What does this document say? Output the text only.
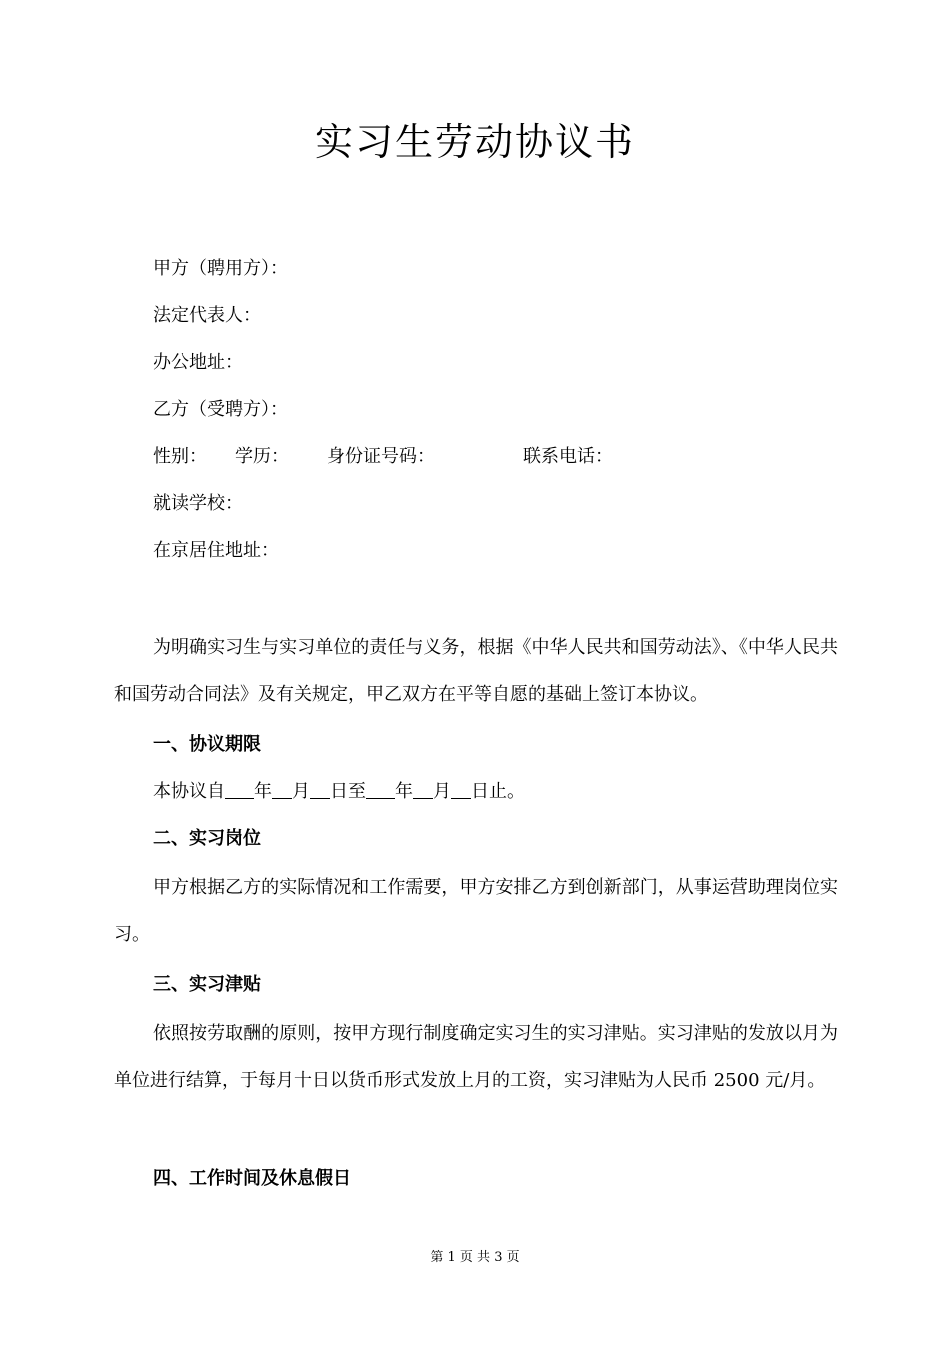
实习生劳动协议书
甲方（聘用方）：
法定代表人：
办公地址：
乙方（受聘方）：
性别： 学历： 身份证号码：	联系电话：
就读学校：
在京居住地址：
为明确实习生与实习单位的责任与义务，根据《中华人民共和国劳动法》、《中华人民共和国劳动合同法》及有关规定，甲乙双方在平等自愿的基础上签订本协议。
一、协议期限
本协议自 年 月 日至 年 月 日止。
二、实习岗位
甲方根据乙方的实际情况和工作需要，甲方安排乙方到创新部门，从事运营助理岗位实习。
三、实习津贴
依照按劳取酬的原则，按甲方现行制度确定实习生的实习津贴。实习津贴的发放以月为单位进行结算，于每月十日以货币形式发放上月的工资，实习津贴为人民币 2500 元/月。
四、工作时间及休息假日
第 1 页 共 3 页
